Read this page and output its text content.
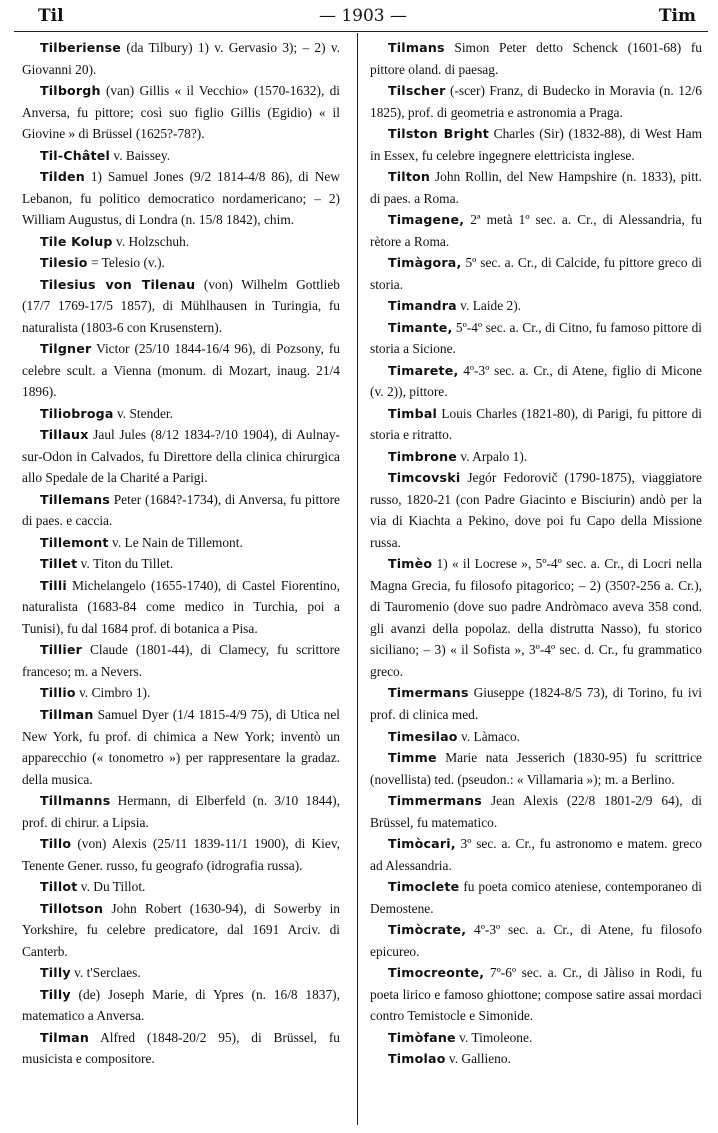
Til	— 1903 —	Tim

Tilberiense (da Tilbury) 1) v. Gervasio 3); – 2) v. Giovanni 20).

Tilborgh (van) Gillis « il Vecchio» (1570-1632), di Anversa, fu pittore; così suo figlio Gillis (Egidio) « il Giovine » di Brüssel (1625?-78?).

Til-Châtel v. Baissey.

Tilden 1) Samuel Jones (9/2 1814-4/8 86), di New Lebanon, fu politico democratico nordamericano; – 2) William Augustus, di Londra (n. 15/8 1842), chim.

Tile Kolup v. Holzschuh.

Tilesio = Telesio (v.).

Tilesius von Tilenau (von) Wilhelm Gottlieb (17/7 1769-17/5 1857), di Mühlhausen in Turingia, fu naturalista (1803-6 con Krusenstern).

Tilgner Victor (25/10 1844-16/4 96), di Pozsony, fu celebre scult. a Vienna (monum. di Mozart, inaug. 21/4 1896).

Tiliobroga v. Stender.

Tillaux Jaul Jules (8/12 1834-?/10 1904), di Aulnay-sur-Odon in Calvados, fu Direttore della clinica chirurgica allo Spedale de la Charité a Parigi.

Tillemans Peter (1684?-1734), di Anversa, fu pittore di paes. e caccia.

Tillemont v. Le Nain de Tillemont.

Tillet v. Titon du Tillet.

Tilli Michelangelo (1655-1740), di Castel Fiorentino, naturalista (1683-84 come medico in Turchia, poi a Tunisi), fu dal 1684 prof. di botanica a Pisa.

Tillier Claude (1801-44), di Clamecy, fu scrittore franceso; m. a Nevers.

Tillio v. Cimbro 1).

Tillman Samuel Dyer (1/4 1815-4/9 75), di Utica nel New York, fu prof. di chimica a New York; inventò un apparecchio (« tonometro ») per rappresentare la gradaz. della musica.

Tillmanns Hermann, di Elberfeld (n. 3/10 1844), prof. di chirur. a Lipsia.

Tillo (von) Alexis (25/11 1839-11/1 1900), di Kiev, Tenente Gener. russo, fu geografo (idrografia russa).

Tillot v. Du Tillot.

Tillotson John Robert (1630-94), di Sowerby in Yorkshire, fu celebre predicatore, dal 1691 Arciv. di Canterb.

Tilly v. t'Serclaes.

Tilly (de) Joseph Marie, di Ypres (n. 16/8 1837), matematico a Anversa.

Tilman Alfred (1848-20/2 95), di Brüssel, fu musicista e compositore.

Tilmans Simon Peter detto Schenck (1601-68) fu pittore oland. di paesag.

Tilscher (-scer) Franz, di Budecko in Moravia (n. 12/6 1825), prof. di geometria e astronomia a Praga.

Tilston Bright Charles (Sir) (1832-88), di West Ham in Essex, fu celebre ingegnere elettricista inglese.

Tilton John Rollin, del New Hampshire (n. 1833), pitt. di paes. a Roma.

Timagene, 2ª metà 1º sec. a. Cr., di Alessandria, fu rètore a Roma.

Timàgora, 5º sec. a. Cr., di Calcide, fu pittore greco di storia.

Timandra v. Laide 2).

Timante, 5º-4º sec. a. Cr., di Citno, fu famoso pittore di storia a Sicione.

Timarete, 4º-3º sec. a. Cr., di Atene, figlio di Micone (v. 2)), pittore.

Timbal Louis Charles (1821-80), di Parigi, fu pittore di storia e ritratto.

Timbrone v. Arpalo 1).

Timcovski Jegór Fedorovič (1790-1875), viaggiatore russo, 1820-21 (con Padre Giacinto e Bisciurin) andò per la via di Kiachta a Pekino, dove poi fu Capo della Missione russa.

Timèo 1) « il Locrese », 5º-4º sec. a. Cr., di Locri nella Magna Grecia, fu filosofo pitagorico; – 2) (350?-256 a. Cr.), di Tauromenio (dove suo padre Andròmaco aveva 358 cond. gli avanzi della popolaz. della distrutta Nasso), fu storico siciliano; – 3) « il Sofista », 3º-4º sec. d. Cr., fu grammatico greco.

Timermans Giuseppe (1824-8/5 73), di Torino, fu ivi prof. di clinica med.

Timesilao v. Làmaco.

Timme Marie nata Jesserich (1830-95) fu scrittrice (novellista) ted. (pseudon.: « Villamaria »); m. a Berlino.

Timmermans Jean Alexis (22/8 1801-2/9 64), di Brüssel, fu matematico.

Timòcari, 3º sec. a. Cr., fu astronomo e matem. greco ad Alessandria.

Timoclete fu poeta comico ateniese, contemporaneo di Demostene.

Timòcrate, 4º-3º sec. a. Cr., di Atene, fu filosofo epicureo.

Timocreonte, 7º-6º sec. a. Cr., di Jàliso in Rodi, fu poeta lirico e famoso ghiottone; compose satire assai mordaci contro Temistocle e Simonide.

Timòfane v. Timoleone.

Timolao v. Gallieno.
